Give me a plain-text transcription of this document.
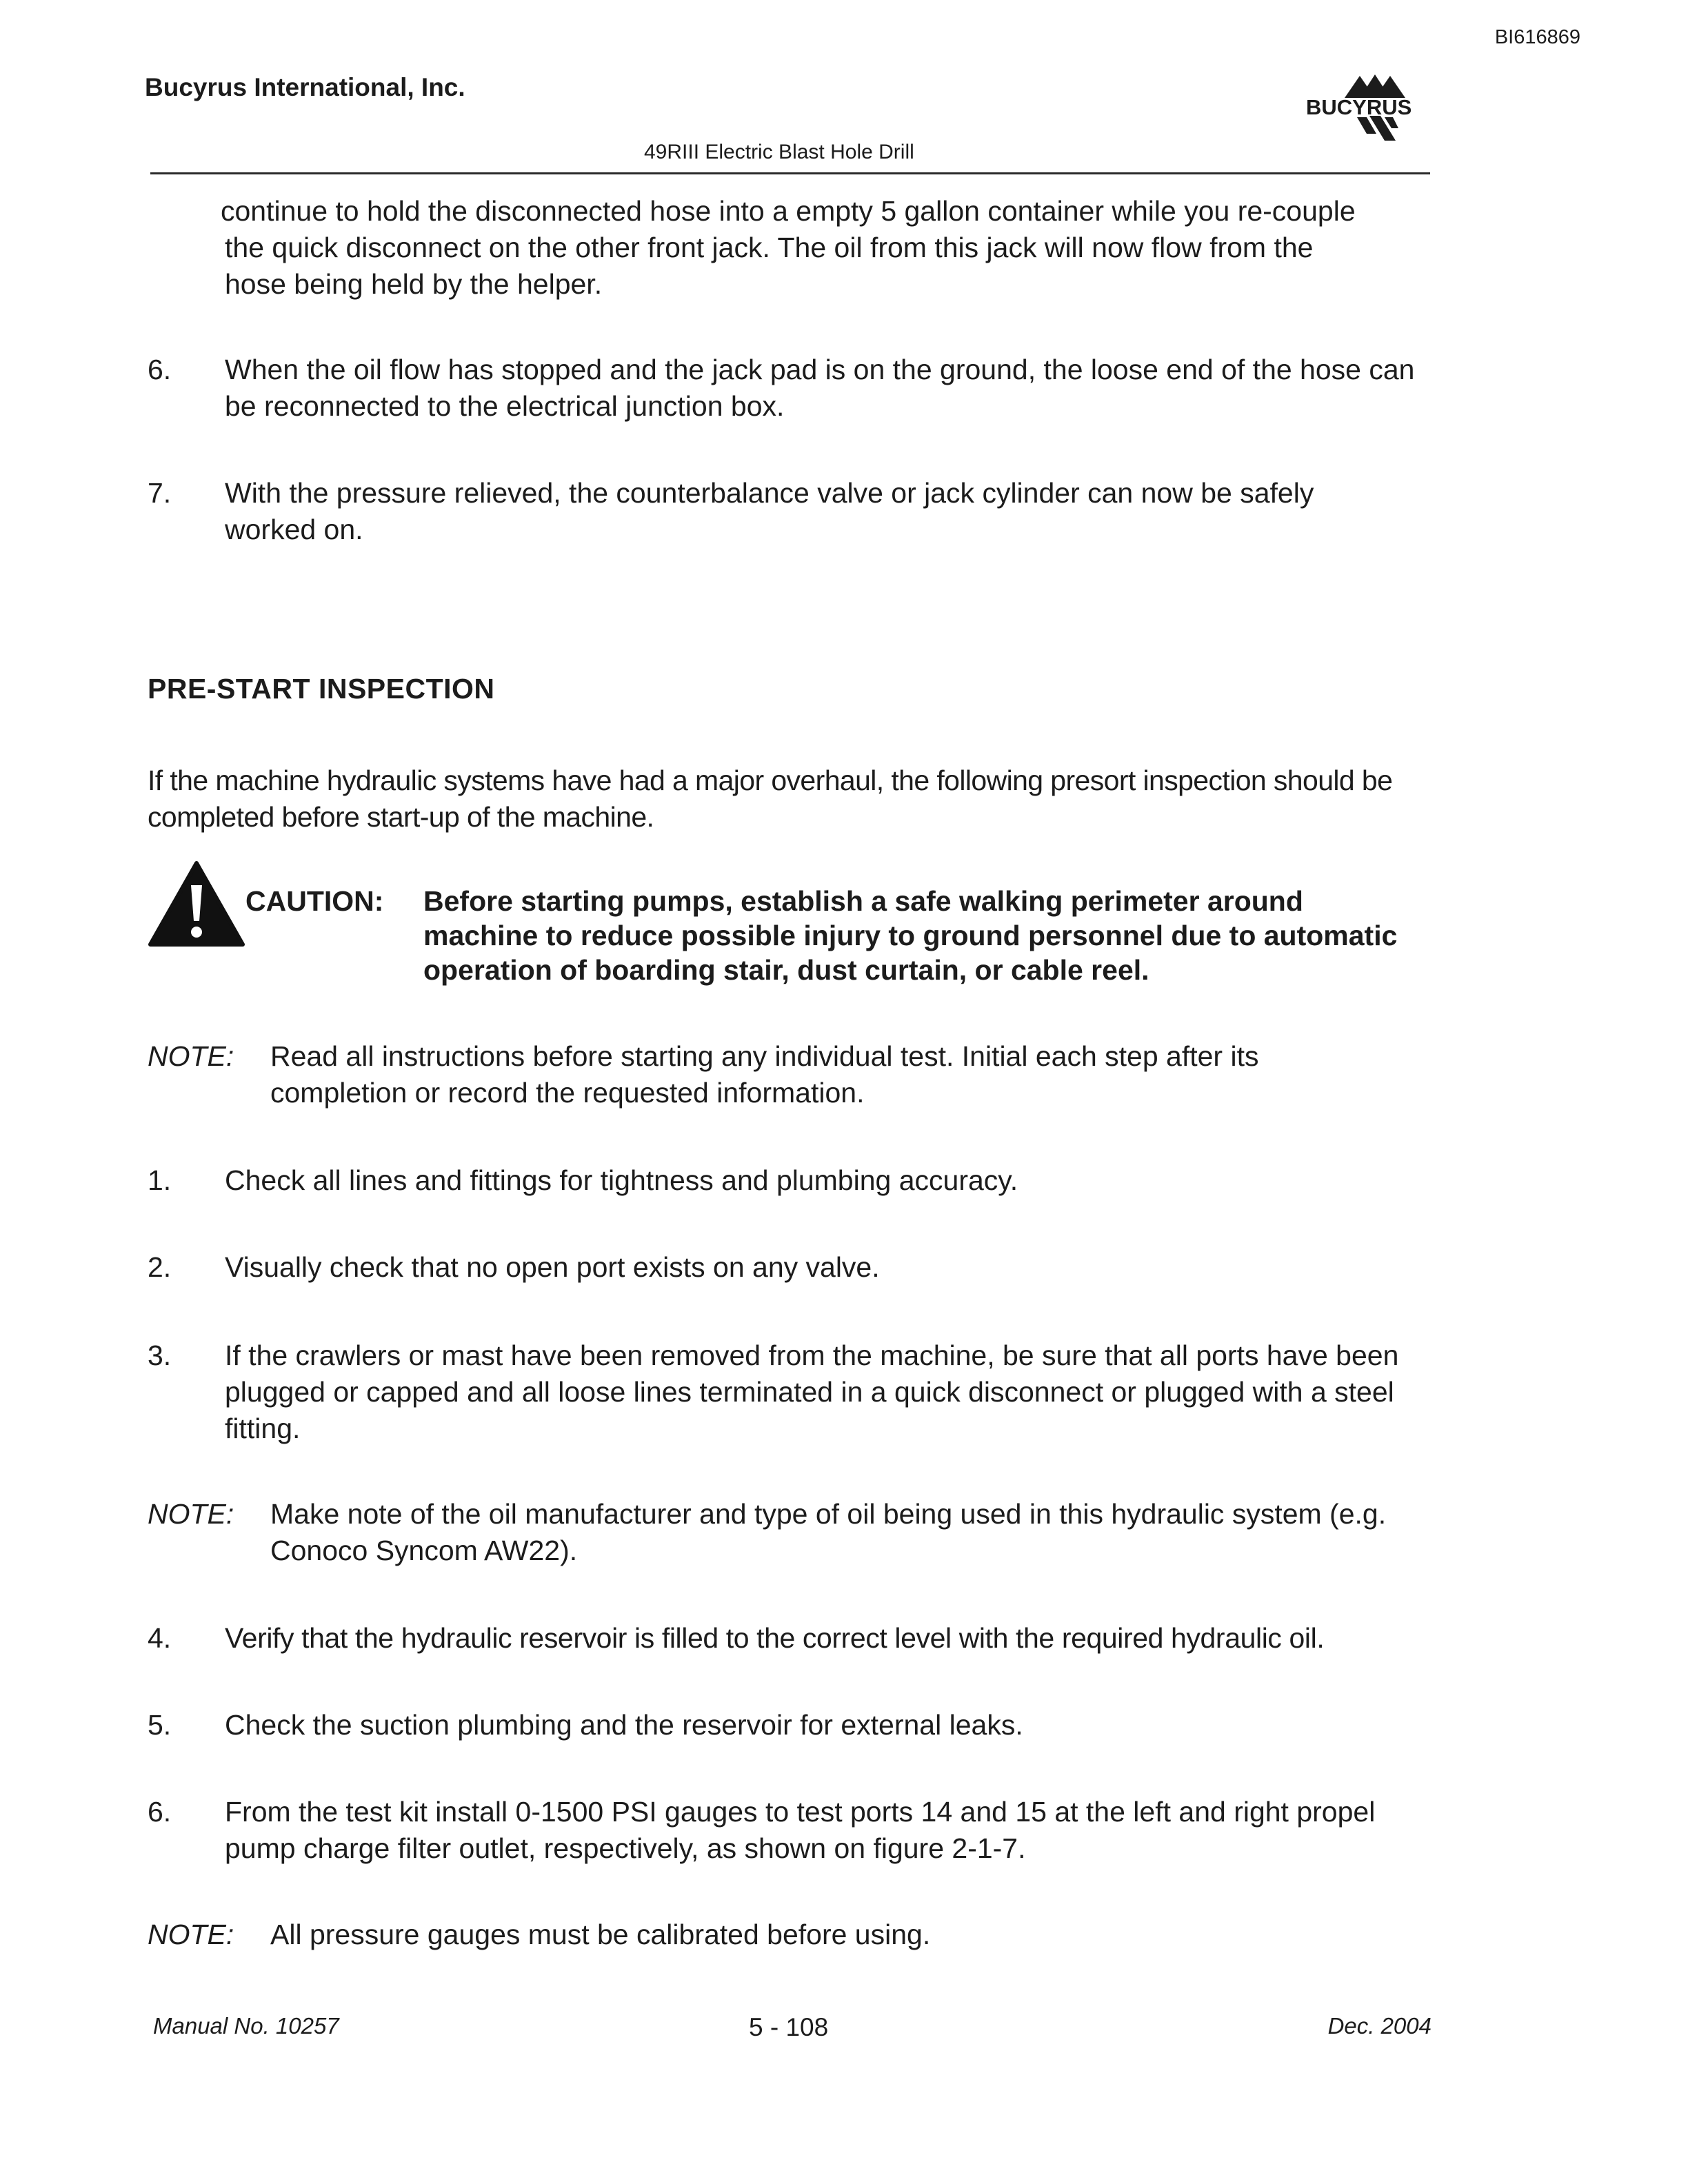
BI616869
Bucyrus International, Inc.
49RIII Electric Blast Hole Drill
BUCYRUS
continue to hold the disconnected hose into a empty 5 gallon container while you re-couple
the quick disconnect on the other front jack. The oil from this jack will now flow from the
hose being held by the helper.
6. When the oil flow has stopped and the jack pad is on the ground, the loose end of the hose can be reconnected to the electrical junction box.
7. With the pressure relieved, the counterbalance valve or jack cylinder can now be safely worked on.
PRE-START INSPECTION
If the machine hydraulic systems have had a major overhaul, the following presort inspection should be completed before start-up of the machine.
CAUTION: Before starting pumps, establish a safe walking perimeter around machine to reduce possible injury to ground personnel due to automatic operation of boarding stair, dust curtain, or cable reel.
NOTE: Read all instructions before starting any individual test. Initial each step after its completion or record the requested information.
1. Check all lines and fittings for tightness and plumbing accuracy.
2. Visually check that no open port exists on any valve.
3. If the crawlers or mast have been removed from the machine, be sure that all ports have been plugged or capped and all loose lines terminated in a quick disconnect or plugged with a steel fitting.
NOTE: Make note of the oil manufacturer and type of oil being used in this hydraulic system (e.g. Conoco Syncom AW22).
4. Verify that the hydraulic reservoir is filled to the correct level with the required hydraulic oil.
5. Check the suction plumbing and the reservoir for external leaks.
6. From the test kit install 0-1500 PSI gauges to test ports 14 and 15 at the left and right propel pump charge filter outlet, respectively, as shown on figure 2-1-7.
NOTE: All pressure gauges must be calibrated before using.
Manual No. 10257	5 - 108	Dec. 2004
